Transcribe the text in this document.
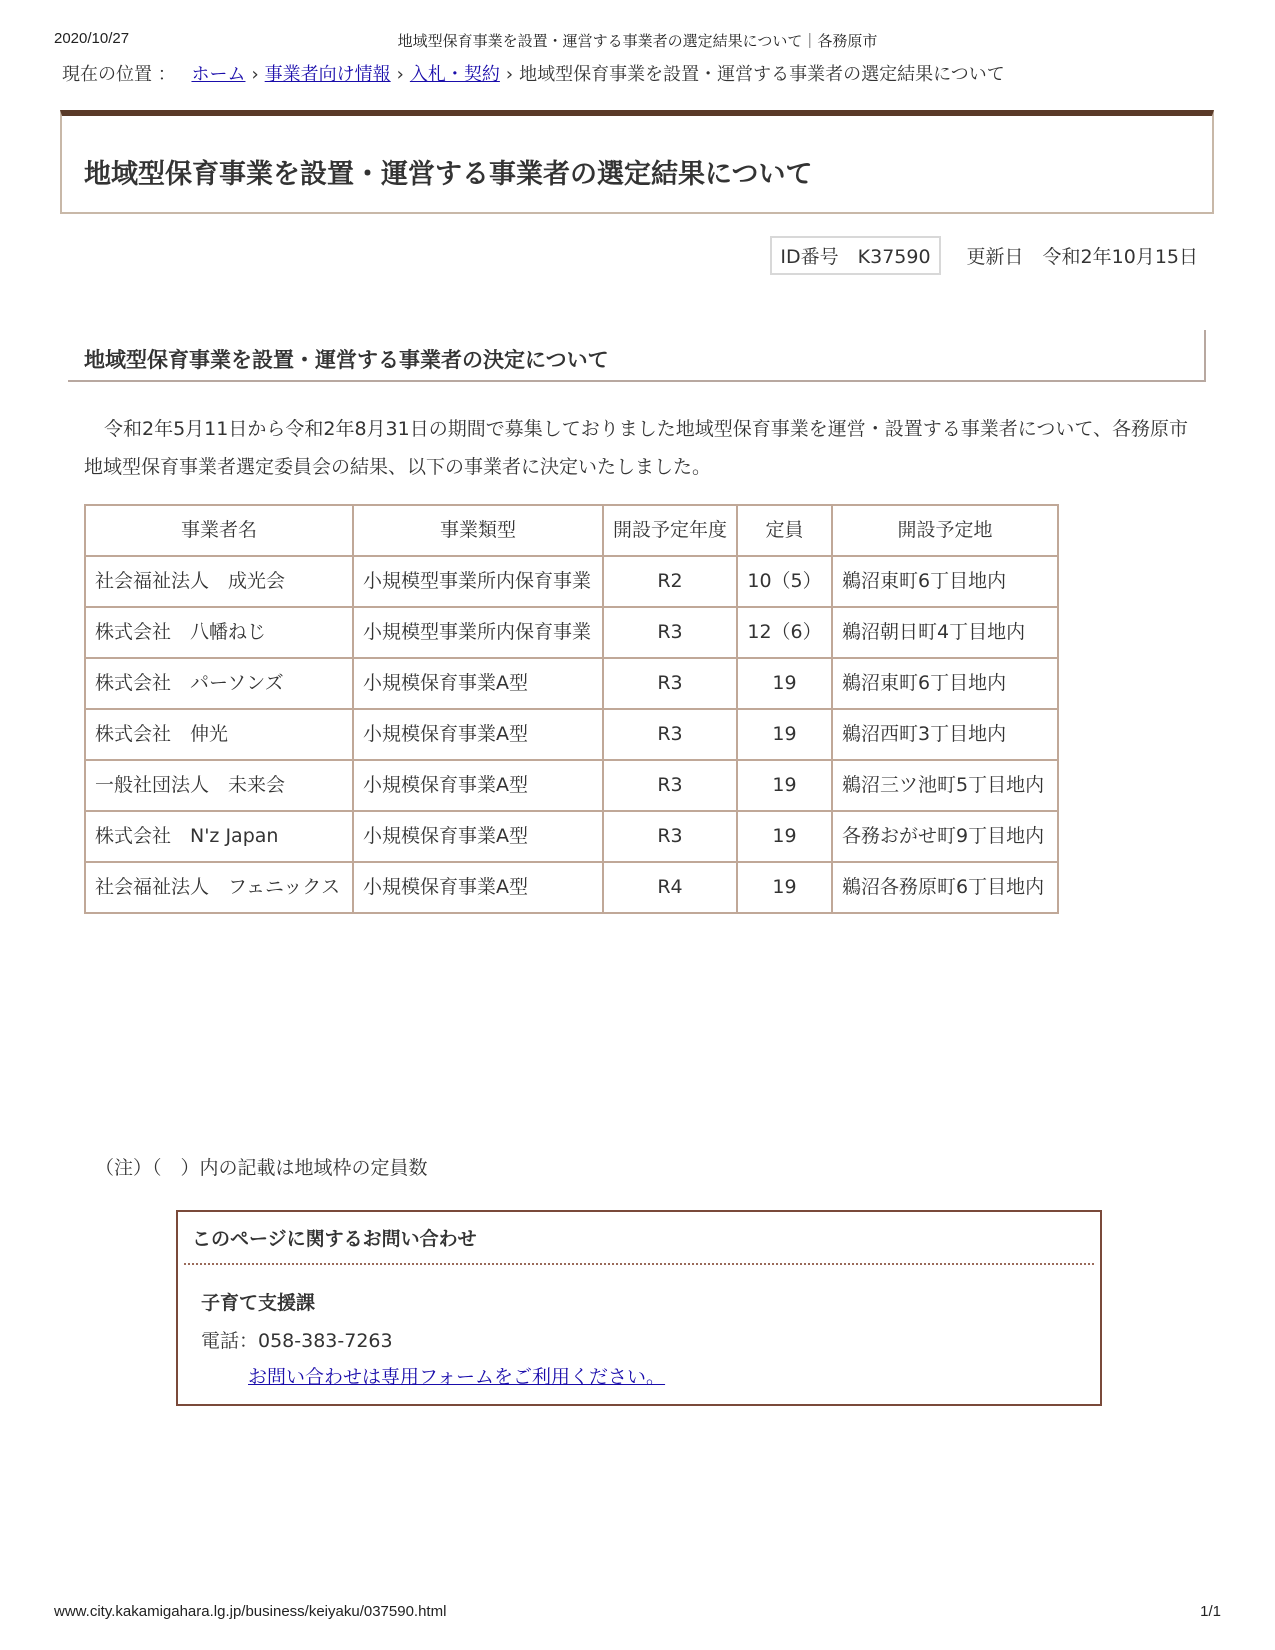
2020/10/27	地域型保育事業を設置・運営する事業者の選定結果について｜各務原市
現在の位置 ： ホーム › 事業者向け情報 › 入札・契約 › 地域型保育事業を設置・運営する事業者の選定結果について
地域型保育事業を設置・運営する事業者の選定結果について
ID番号　K37590	更新日　令和2年10月15日
地域型保育事業を設置・運営する事業者の決定について

令和2年5月11日から令和2年8月31日の期間で募集しておりました地域型保育事業を運営・設置する事業者について、各務原市地域型保育事業者選定委員会の結果、以下の事業者に決定いたしました。

事業者名	事業類型	開設予定年度	定員	開設予定地
社会福祉法人　成光会	小規模型事業所内保育事業	R2	10（5）	鵜沼東町6丁目地内
株式会社　八幡ねじ	小規模型事業所内保育事業	R3	12（6）	鵜沼朝日町4丁目地内
株式会社　パーソンズ	小規模保育事業A型	R3	19	鵜沼東町6丁目地内
株式会社　伸光	小規模保育事業A型	R3	19	鵜沼西町3丁目地内
一般社団法人　未来会	小規模保育事業A型	R3	19	鵜沼三ツ池町5丁目地内
株式会社　N'z Japan	小規模保育事業A型	R3	19	各務おがせ町9丁目地内
社会福祉法人　フェニックス	小規模保育事業A型	R4	19	鵜沼各務原町6丁目地内
（注）（　）内の記載は地域枠の定員数
このページに関するお問い合わせ
子育て支援課
電話：058-383-7263
お問い合わせは専用フォームをご利用ください。
www.city.kakamigahara.lg.jp/business/keiyaku/037590.html	1/1
